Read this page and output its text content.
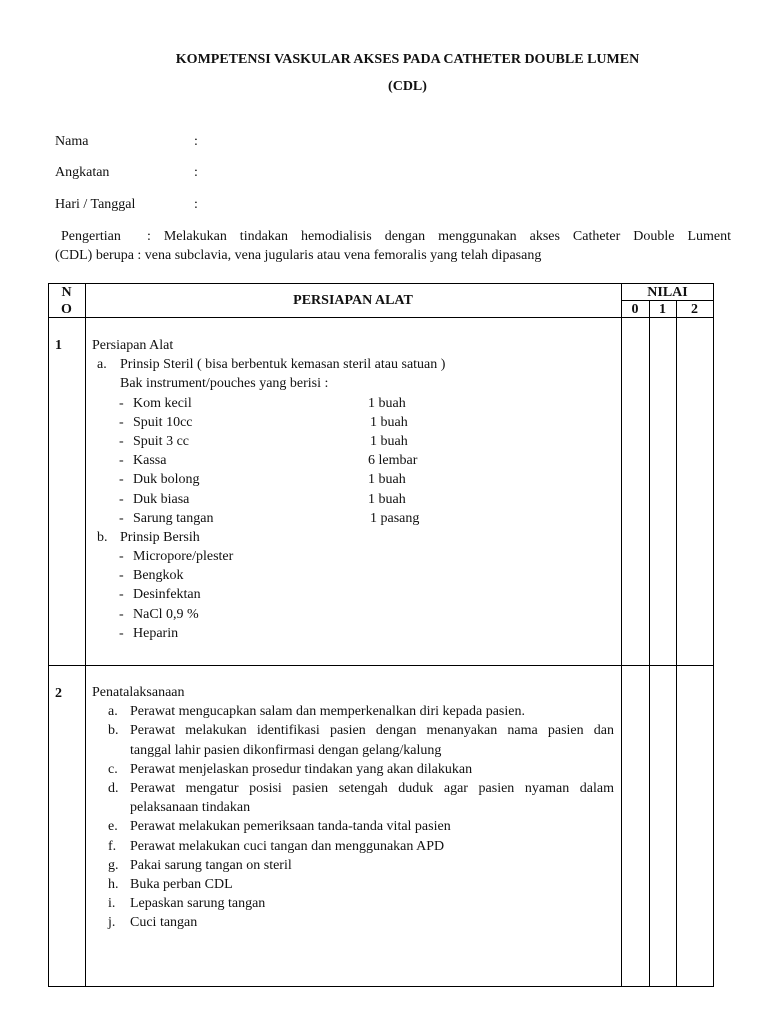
KOMPETENSI VASKULAR AKSES PADA CATHETER DOUBLE LUMEN
(CDL)
Nama	:
Angkatan	:
Hari / Tanggal	:
Pengertian : Melakukan tindakan hemodialisis dengan menggunakan akses Catheter Double Lument
(CDL) berupa : vena subclavia, vena jugularis atau vena femoralis yang telah dipasang
N
O
PERSIAPAN ALAT
NILAI
0	1	2
1 Persiapan Alat
a. Prinsip Steril ( bisa berbentuk kemasan steril atau satuan )
Bak instrument/pouches yang berisi :
- Kom kecil	1 buah
- Spuit 10cc	1 buah
- Spuit 3 cc	1 buah
- Kassa	6 lembar
- Duk bolong	1 buah
- Duk biasa	1 buah
- Sarung tangan	1 pasang
b. Prinsip Bersih
- Micropore/plester
- Bengkok
- Desinfektan
- NaCl 0,9 %
- Heparin
2 Penatalaksanaan
a. Perawat mengucapkan salam dan memperkenalkan diri kepada pasien.
b. Perawat melakukan identifikasi pasien dengan menanyakan nama pasien dan
tanggal lahir pasien dikonfirmasi dengan gelang/kalung
c. Perawat menjelaskan prosedur tindakan yang akan dilakukan
d. Perawat mengatur posisi pasien setengah duduk agar pasien nyaman dalam
pelaksanaan tindakan
e. Perawat melakukan pemeriksaan tanda-tanda vital pasien
f. Perawat melakukan cuci tangan dan menggunakan APD
g. Pakai sarung tangan on steril
h. Buka perban CDL
i. Lepaskan sarung tangan
j. Cuci tangan
